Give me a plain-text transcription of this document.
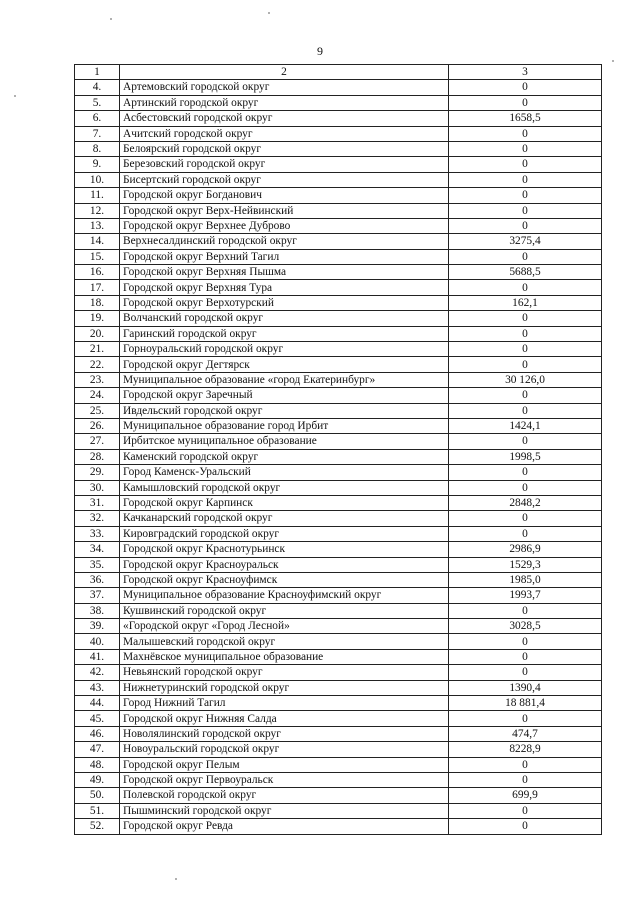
9
1	2	3
4.	Артемовский городской округ	0
5.	Артинский городской округ	0
6.	Асбестовский городской округ	1658,5
7.	Ачитский городской округ	0
8.	Белоярский городской округ	0
9.	Березовский городской округ	0
10.	Бисертский городской округ	0
11.	Городской округ Богданович	0
12.	Городской округ Верх-Нейвинский	0
13.	Городской округ Верхнее Дуброво	0
14.	Верхнесалдинский городской округ	3275,4
15.	Городской округ Верхний Тагил	0
16.	Городской округ Верхняя Пышма	5688,5
17.	Городской округ Верхняя Тура	0
18.	Городской округ Верхотурский	162,1
19.	Волчанский городской округ	0
20.	Гаринский городской округ	0
21.	Горноуральский городской округ	0
22.	Городской округ Дегтярск	0
23.	Муниципальное образование «город Екатеринбург»	30 126,0
24.	Городской округ Заречный	0
25.	Ивдельский городской округ	0
26.	Муниципальное образование город Ирбит	1424,1
27.	Ирбитское муниципальное образование	0
28.	Каменский городской округ	1998,5
29.	Город Каменск-Уральский	0
30.	Камышловский городской округ	0
31.	Городской округ Карпинск	2848,2
32.	Качканарский городской округ	0
33.	Кировградский городской округ	0
34.	Городской округ Краснотурьинск	2986,9
35.	Городской округ Красноуральск	1529,3
36.	Городской округ Красноуфимск	1985,0
37.	Муниципальное образование Красноуфимский округ	1993,7
38.	Кушвинский городской округ	0
39.	«Городской округ «Город Лесной»	3028,5
40.	Малышевский городской округ	0
41.	Махнёвское муниципальное образование	0
42.	Невьянский городской округ	0
43.	Нижнетуринский городской округ	1390,4
44.	Город Нижний Тагил	18 881,4
45.	Городской округ Нижняя Салда	0
46.	Новолялинский городской округ	474,7
47.	Новоуральский городской округ	8228,9
48.	Городской округ Пелым	0
49.	Городской округ Первоуральск	0
50.	Полевской городской округ	699,9
51.	Пышминский городской округ	0
52.	Городской округ Ревда	0
